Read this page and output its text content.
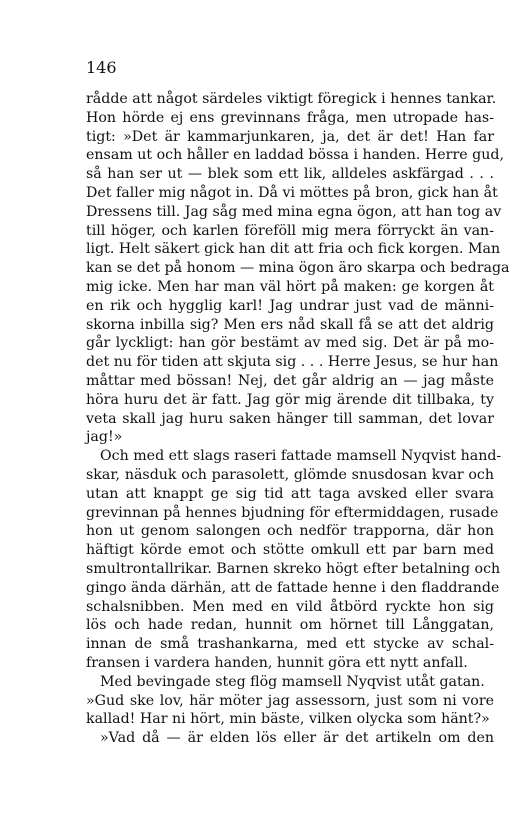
146

rådde att något särdeles viktigt föregick i hennes tankar.
Hon hörde ej ens grevinnans fråga, men utropade has-
tigt: »Det är kammarjunkaren, ja, det är det! Han far
ensam ut och håller en laddad bössa i handen. Herre gud,
så han ser ut — blek som ett lik, alldeles askfärgad . . .
Det faller mig något in. Då vi möttes på bron, gick han åt
Dressens till. Jag såg med mina egna ögon, att han tog av
till höger, och karlen föreföll mig mera förryckt än van-
ligt. Helt säkert gick han dit att fria och fick korgen. Man
kan se det på honom — mina ögon äro skarpa och bedraga
mig icke. Men har man väl hört på maken: ge korgen åt
en rik och hygglig karl! Jag undrar just vad de männi-
skorna inbilla sig? Men ers nåd skall få se att det aldrig
går lyckligt: han gör bestämt av med sig. Det är på mo-
det nu för tiden att skjuta sig . . . Herre Jesus, se hur han
måttar med bössan! Nej, det går aldrig an — jag måste
höra huru det är fatt. Jag gör mig ärende dit tillbaka, ty
veta skall jag huru saken hänger till samman, det lovar
jag!»
Och med ett slags raseri fattade mamsell Nyqvist hand-
skar, näsduk och parasolett, glömde snusdosan kvar och
utan att knappt ge sig tid att taga avsked eller svara
grevinnan på hennes bjudning för eftermiddagen, rusade
hon ut genom salongen och nedför trapporna, där hon
häftigt körde emot och stötte omkull ett par barn med
smultrontallrikar. Barnen skreko högt efter betalning och
gingo ända därhän, att de fattade henne i den fladdrande
schalsnibben. Men med en vild åtbörd ryckte hon sig
lös och hade redan, hunnit om hörnet till Långgatan,
innan de små trashankarna, med ett stycke av schal-
fransen i vardera handen, hunnit göra ett nytt anfall.
Med bevingade steg flög mamsell Nyqvist utåt gatan.
»Gud ske lov, här möter jag assessorn, just som ni vore
kallad! Har ni hört, min bäste, vilken olycka som hänt?»
»Vad då — är elden lös eller är det artikeln om den
